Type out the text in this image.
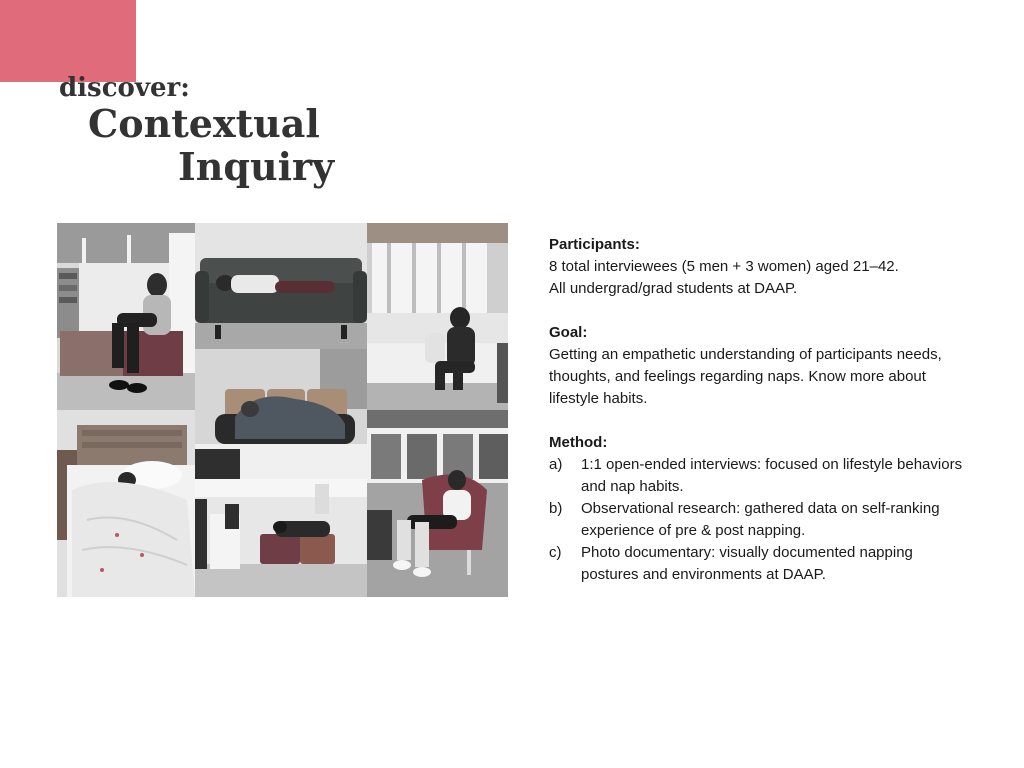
discover:
Contextual
Inquiry
Participants:
8 total interviewees (5 men + 3 women) aged 21–42.
All undergrad/grad students at DAAP.
Goal:
Getting an empathetic understanding of participants needs, thoughts, and feelings regarding naps. Know more about lifestyle habits.
Method:
a) 1:1 open-ended interviews: focused on lifestyle behaviors and nap habits.
b) Observational research: gathered data on self-ranking experience of pre & post napping.
c) Photo documentary: visually documented napping postures and environments at DAAP.
